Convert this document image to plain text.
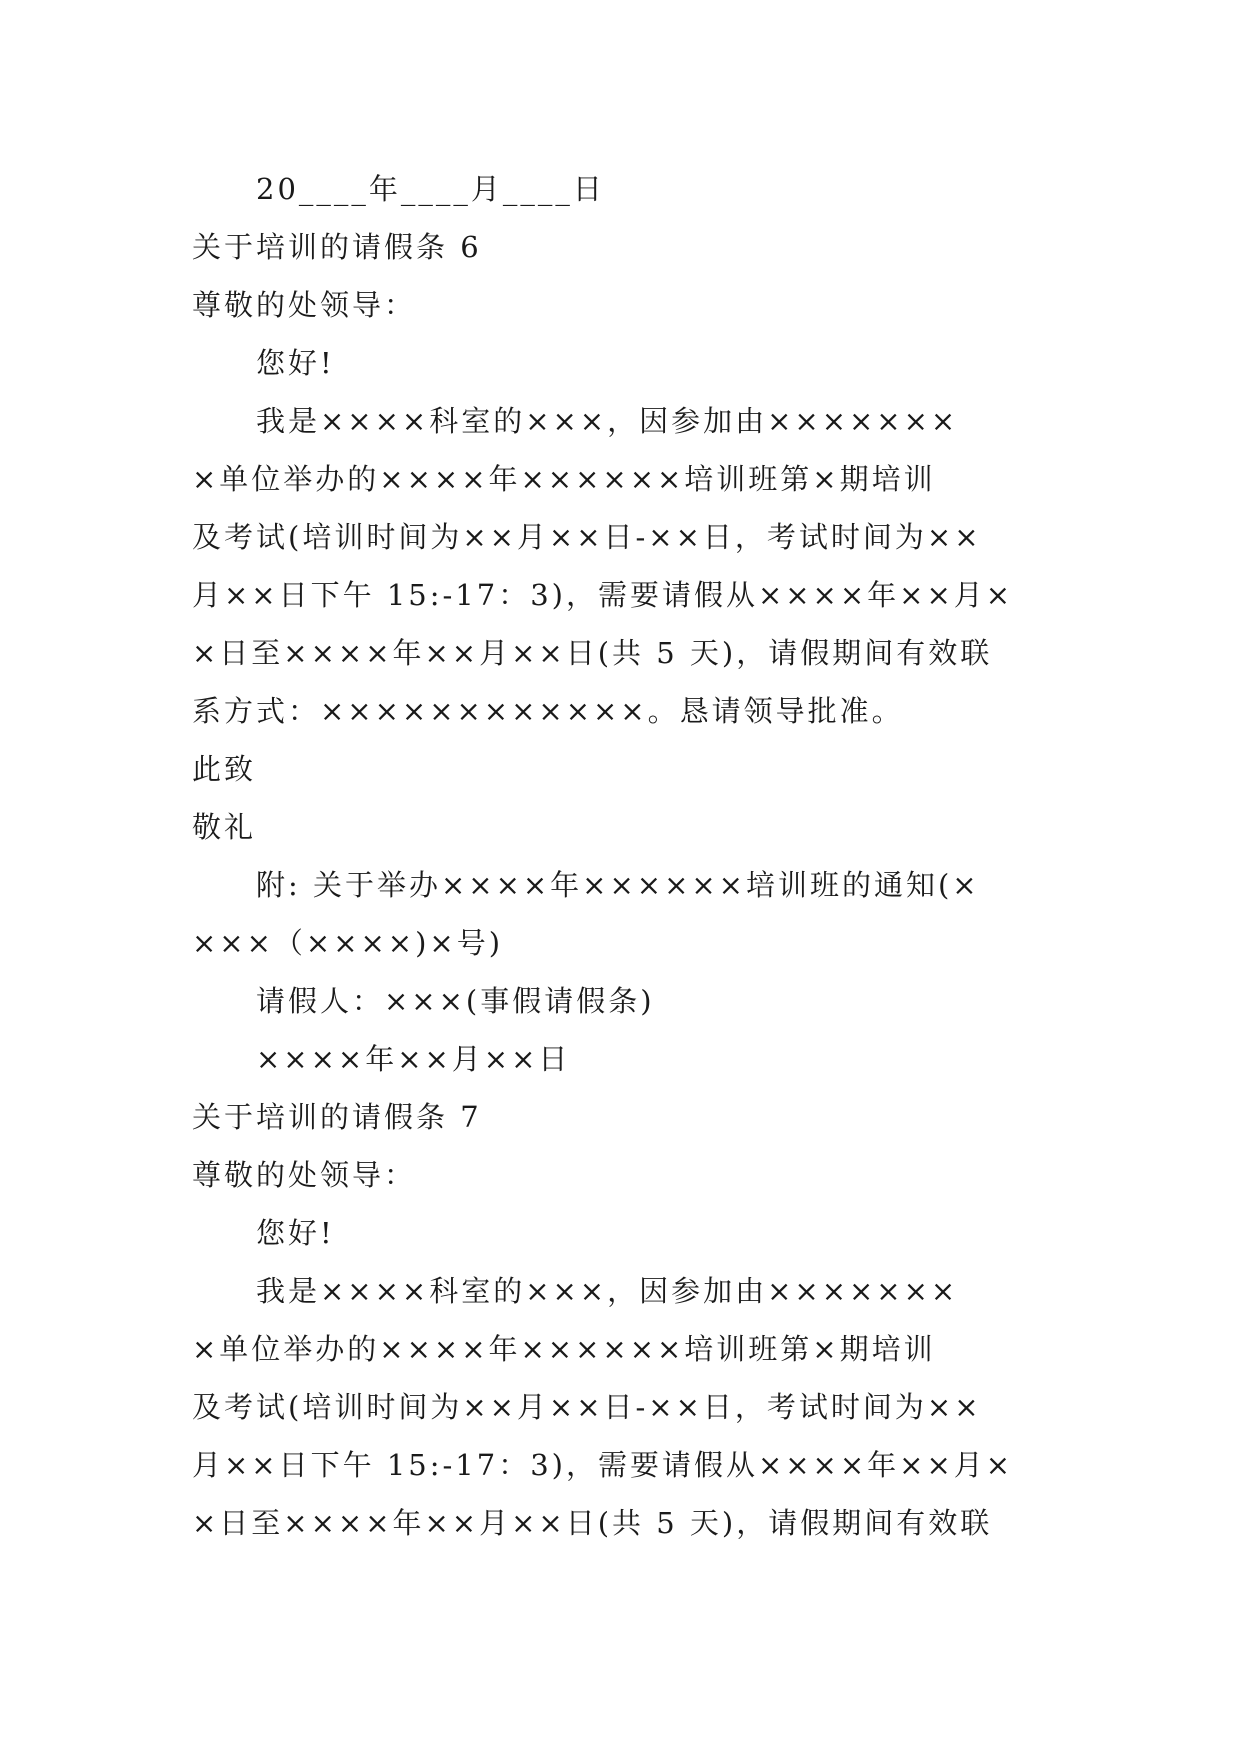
20____年____月____日
关于培训的请假条 6
尊敬的处领导：
您好!
我是××××科室的×××，因参加由×××××××
×单位举办的××××年××××××培训班第×期培训
及考试(培训时间为××月××日-××日，考试时间为××
月××日下午 15:-17：3)，需要请假从××××年××月×
×日至××××年××月××日(共 5 天)，请假期间有效联
系方式：××××××××××××。恳请领导批准。
此致
敬礼
附: 关于举办××××年××××××培训班的通知(×
×××（××××)×号)
请假人：×××(事假请假条)
××××年××月××日
关于培训的请假条 7
尊敬的处领导：
您好!
我是××××科室的×××，因参加由×××××××
×单位举办的××××年××××××培训班第×期培训
及考试(培训时间为××月××日-××日，考试时间为××
月××日下午 15:-17：3)，需要请假从××××年××月×
×日至××××年××月××日(共 5 天)，请假期间有效联
